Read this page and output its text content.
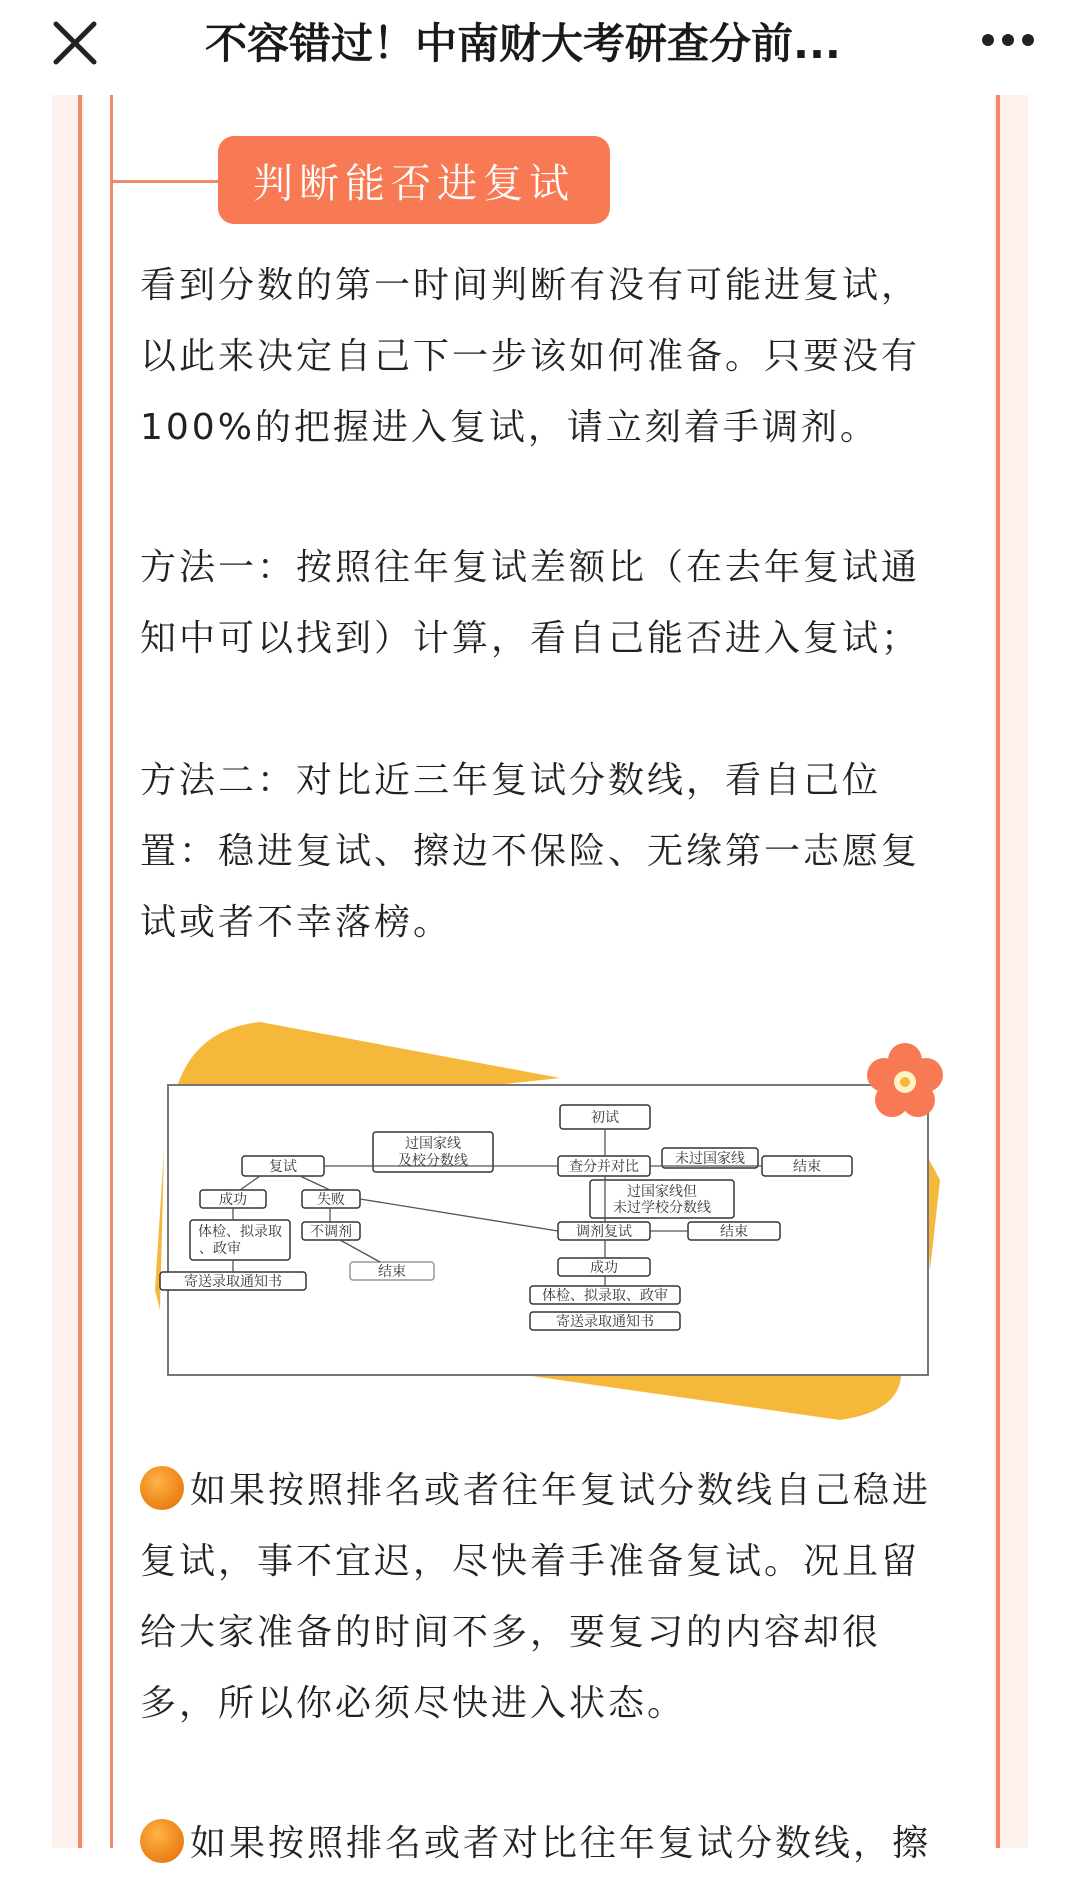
不容错过！中南财大考研查分前...
判断能否进复试

看到分数的第一时间判断有没有可能进复试，以此来决定自己下一步该如何准备。只要没有100%的把握进入复试，请立刻着手调剂。

方法一：按照往年复试差额比（在去年复试通知中可以找到）计算，看自己能否进入复试；

方法二：对比近三年复试分数线，看自己位置：稳进复试、擦边不保险、无缘第一志愿复试或者不幸落榜。

初试
过国家线
及校分数线
复试	查分并对比	未过国家线	结束
成功	失败	过国家线但
未过学校分数线
体检、拟录取
、政审
不调剂	调剂复试	结束
结束
寄送录取通知书
成功
体检、拟录取、政审
寄送录取通知书

如果按照排名或者往年复试分数线自己稳进复试，事不宜迟，尽快着手准备复试。况且留给大家准备的时间不多，要复习的内容却很多，所以你必须尽快进入状态。

如果按照排名或者对比往年复试分数线，擦
